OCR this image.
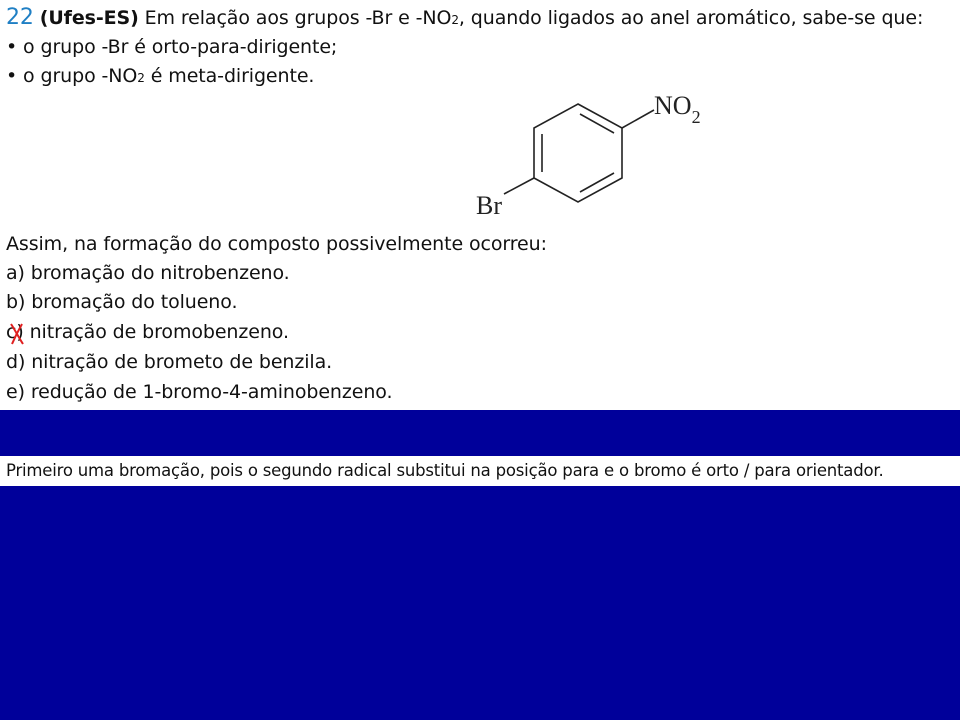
22 (Ufes-ES) Em relação aos grupos -Br e -NO2, quando ligados ao anel aromático, sabe-se que:
• o grupo -Br é orto-para-dirigente;
• o grupo -NO2 é meta-dirigente.
$NO_2$
Br
Assim, na formação do composto possivelmente ocorreu:
a) bromação do nitrobenzeno.
b) bromação do tolueno.
c) nitração de bromobenzeno.
d) nitração de brometo de benzila.
e) redução de 1-bromo-4-aminobenzeno.
Primeiro uma bromação, pois o segundo radical substitui na posição para e o bromo é orto / para orientador.
